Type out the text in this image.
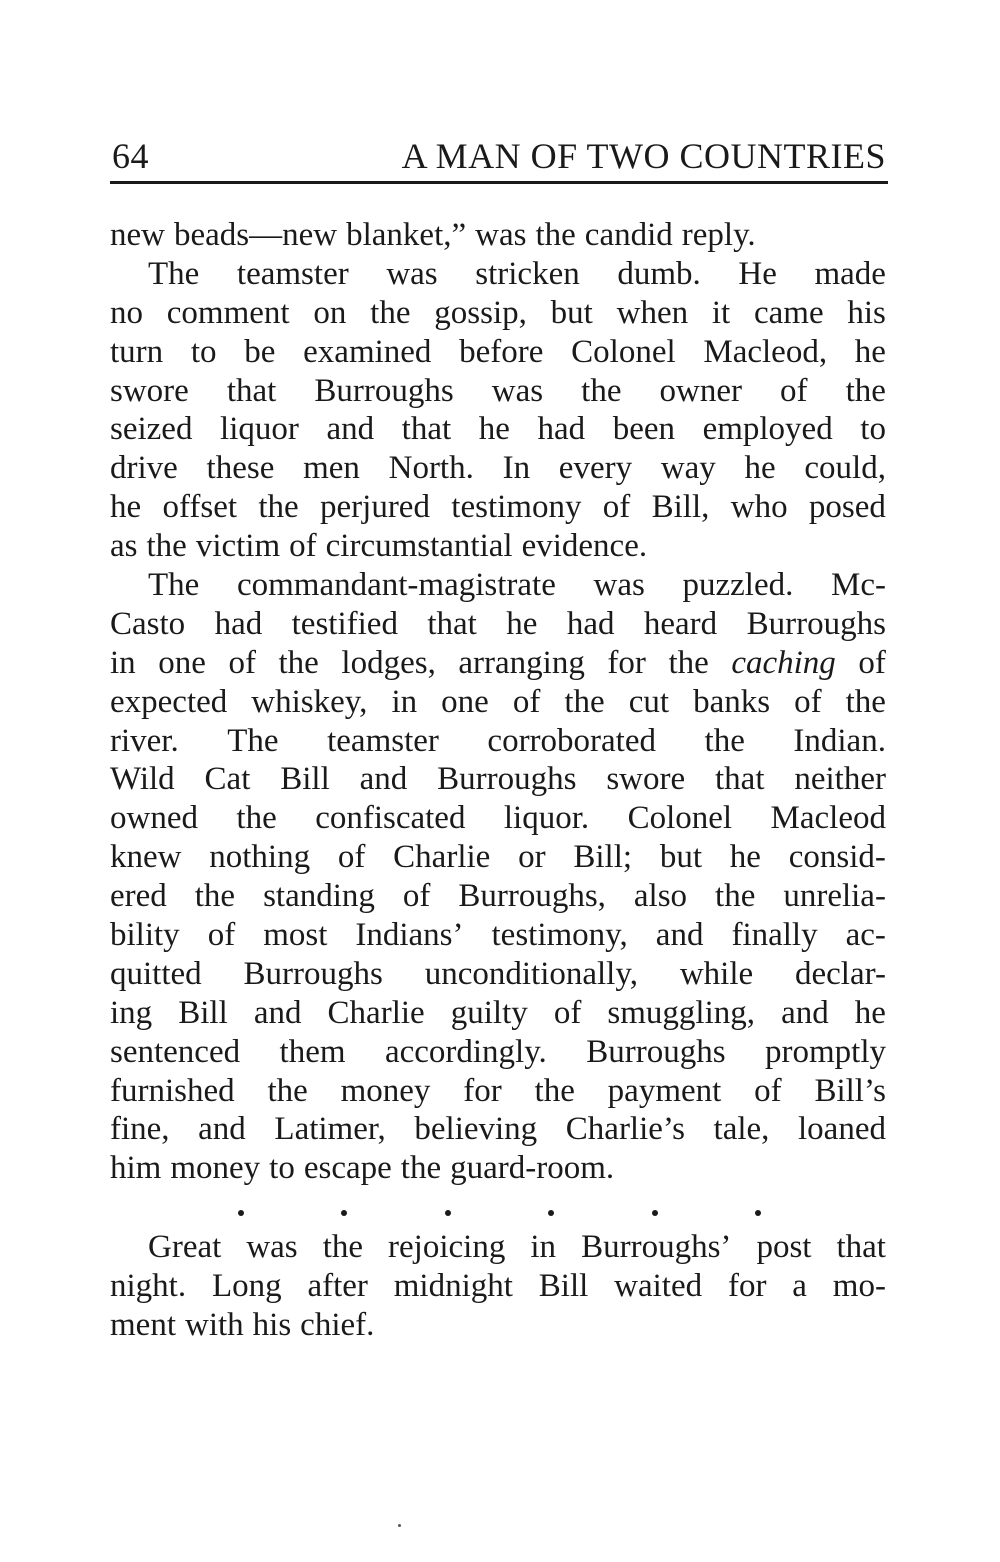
64	A MAN OF TWO COUNTRIES
new beads—new blanket,” was the candid reply.
The teamster was stricken dumb. He made
no comment on the gossip, but when it came his
turn to be examined before Colonel Macleod, he
swore that Burroughs was the owner of the
seized liquor and that he had been employed to
drive these men North. In every way he could,
he offset the perjured testimony of Bill, who posed
as the victim of circumstantial evidence.
The commandant-magistrate was puzzled. Mc-
Casto had testified that he had heard Burroughs
in one of the lodges, arranging for the caching of
expected whiskey, in one of the cut banks of the
river. The teamster corroborated the Indian.
Wild Cat Bill and Burroughs swore that neither
owned the confiscated liquor. Colonel Macleod
knew nothing of Charlie or Bill; but he consid-
ered the standing of Burroughs, also the unrelia-
bility of most Indians’ testimony, and finally ac-
quitted Burroughs unconditionally, while declar-
ing Bill and Charlie guilty of smuggling, and he
sentenced them accordingly. Burroughs promptly
furnished the money for the payment of Bill’s
fine, and Latimer, believing Charlie’s tale, loaned
him money to escape the guard-room.
Great was the rejoicing in Burroughs’ post that
night. Long after midnight Bill waited for a mo-
ment with his chief.
